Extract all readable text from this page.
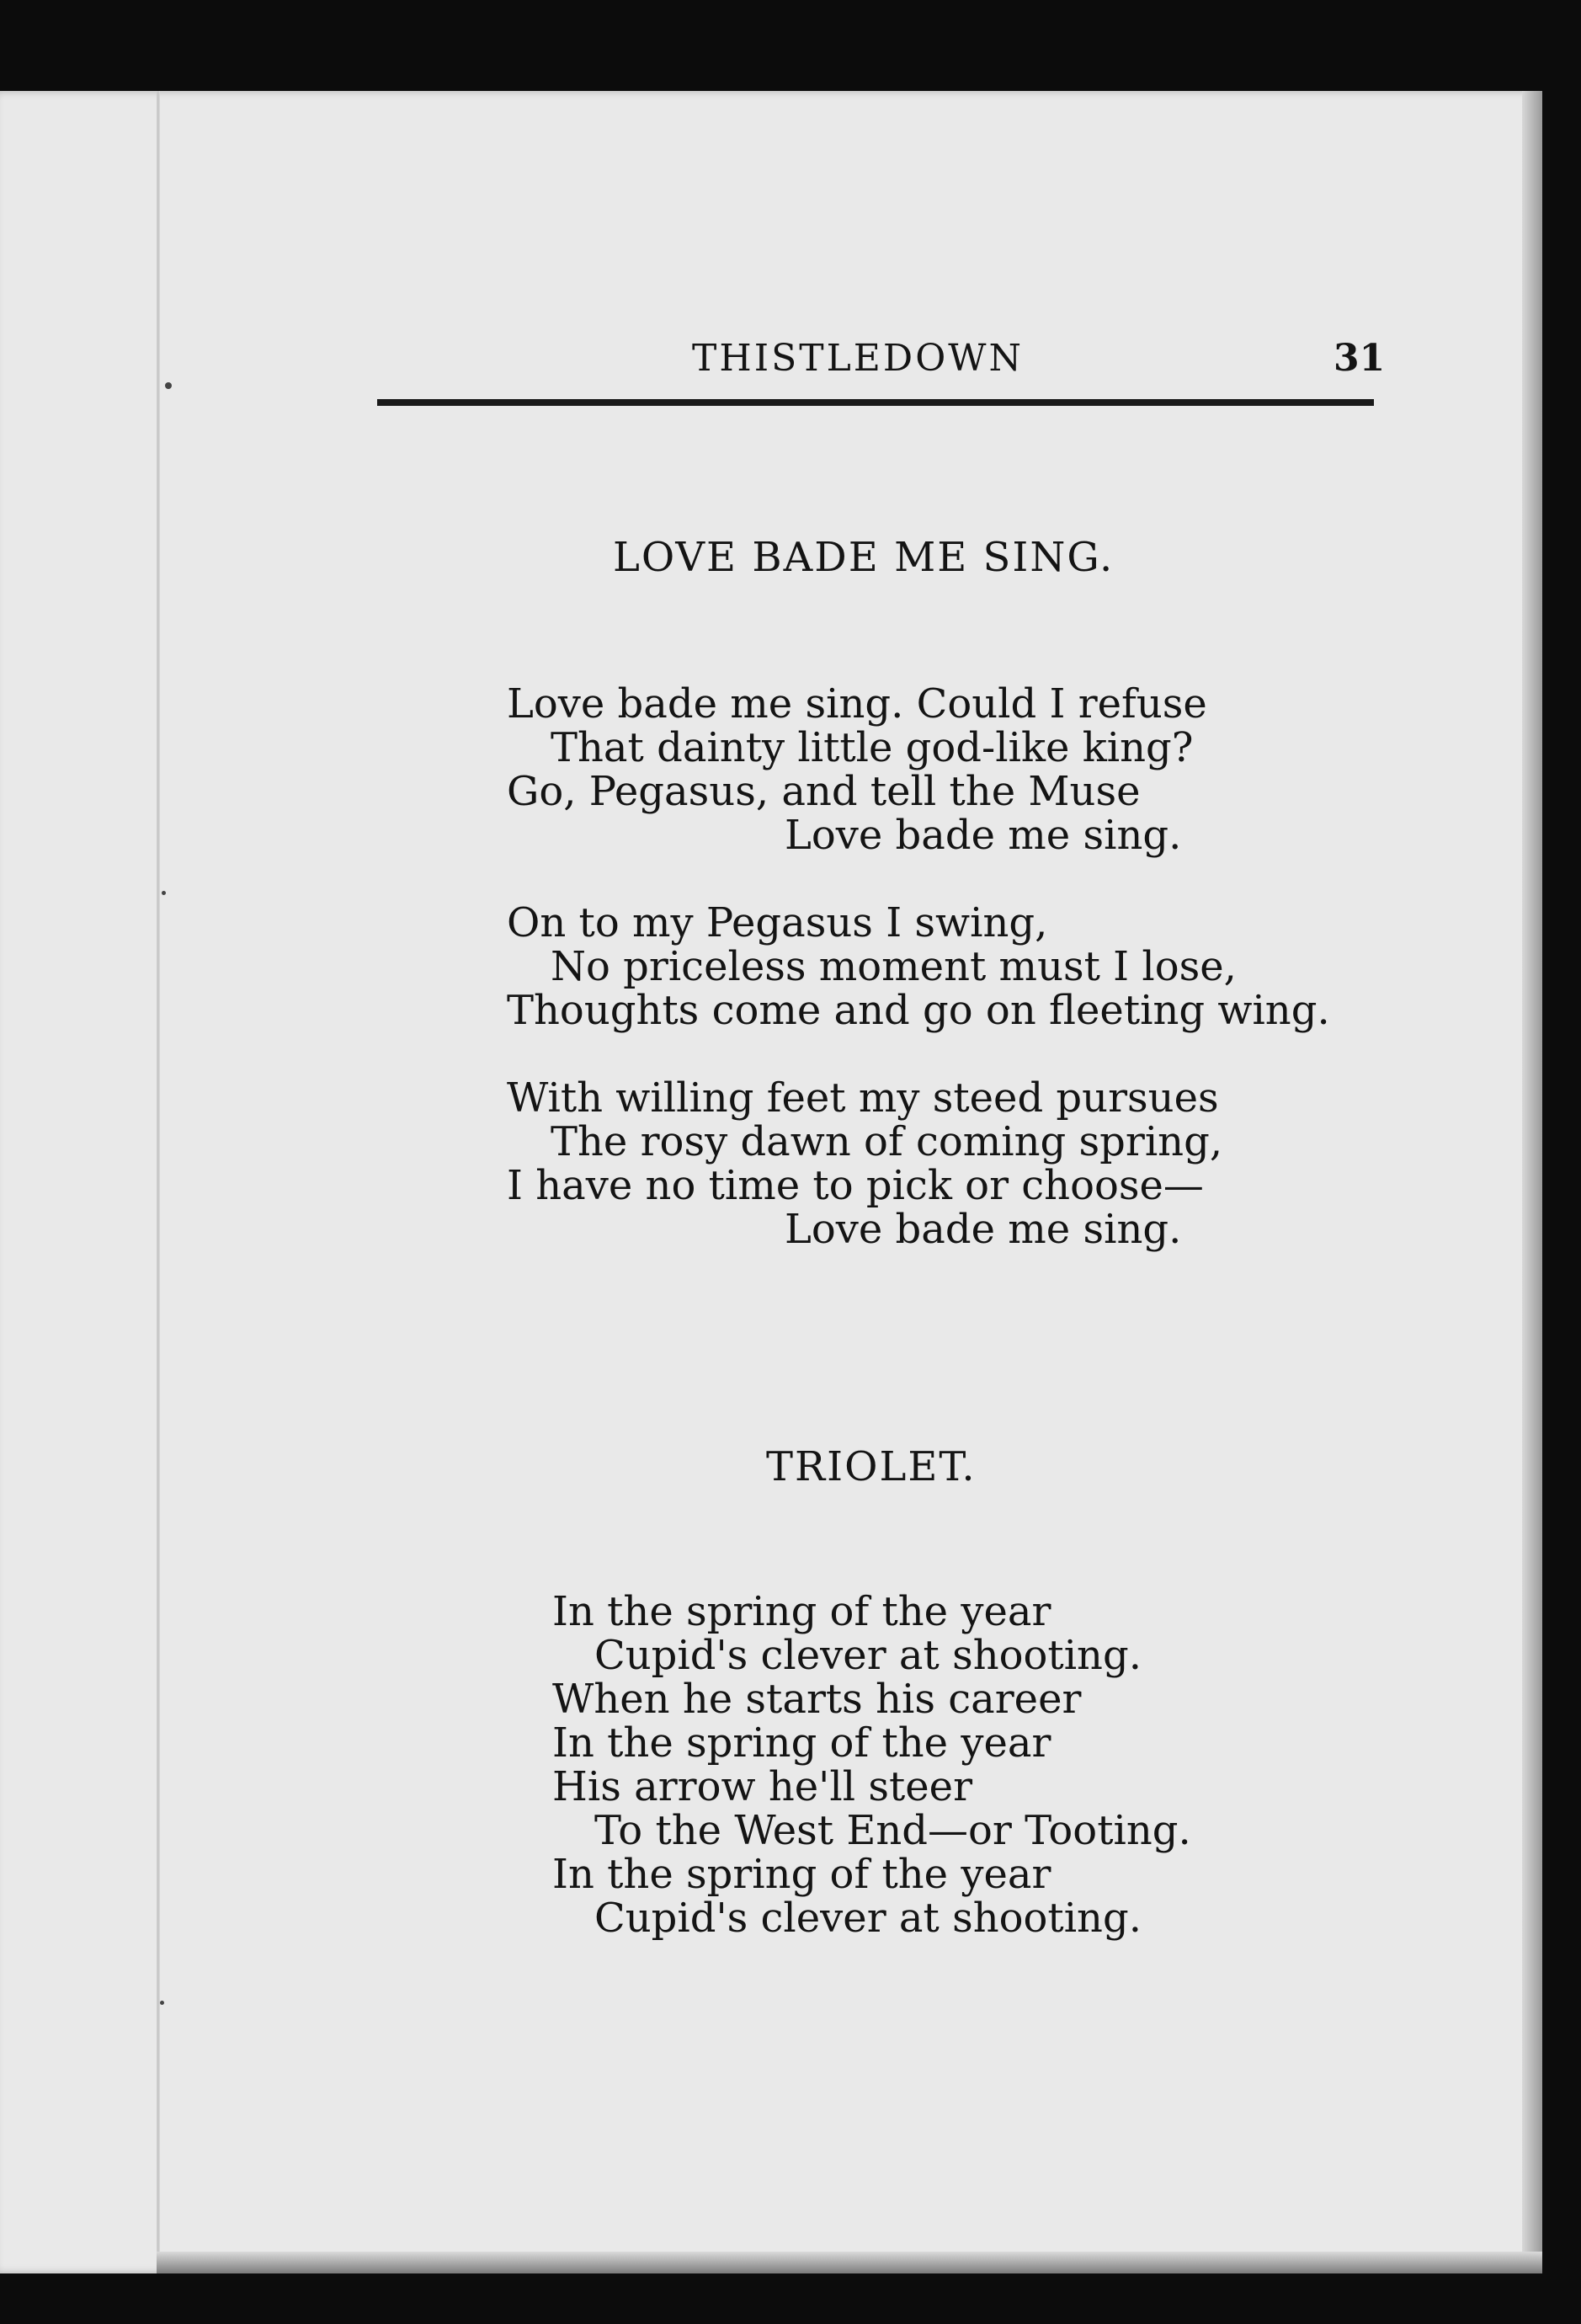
THISTLEDOWN	31
LOVE BADE ME SING.
Love bade me sing. Could I refuse
That dainty little god-like king?
Go, Pegasus, and tell the Muse
Love bade me sing.
On to my Pegasus I swing,
No priceless moment must I lose,
Thoughts come and go on fleeting wing.
With willing feet my steed pursues
The rosy dawn of coming spring,
I have no time to pick or choose—
Love bade me sing.
TRIOLET.
In the spring of the year
Cupid's clever at shooting.
When he starts his career
In the spring of the year
His arrow he'll steer
To the West End—or Tooting.
In the spring of the year
Cupid's clever at shooting.
